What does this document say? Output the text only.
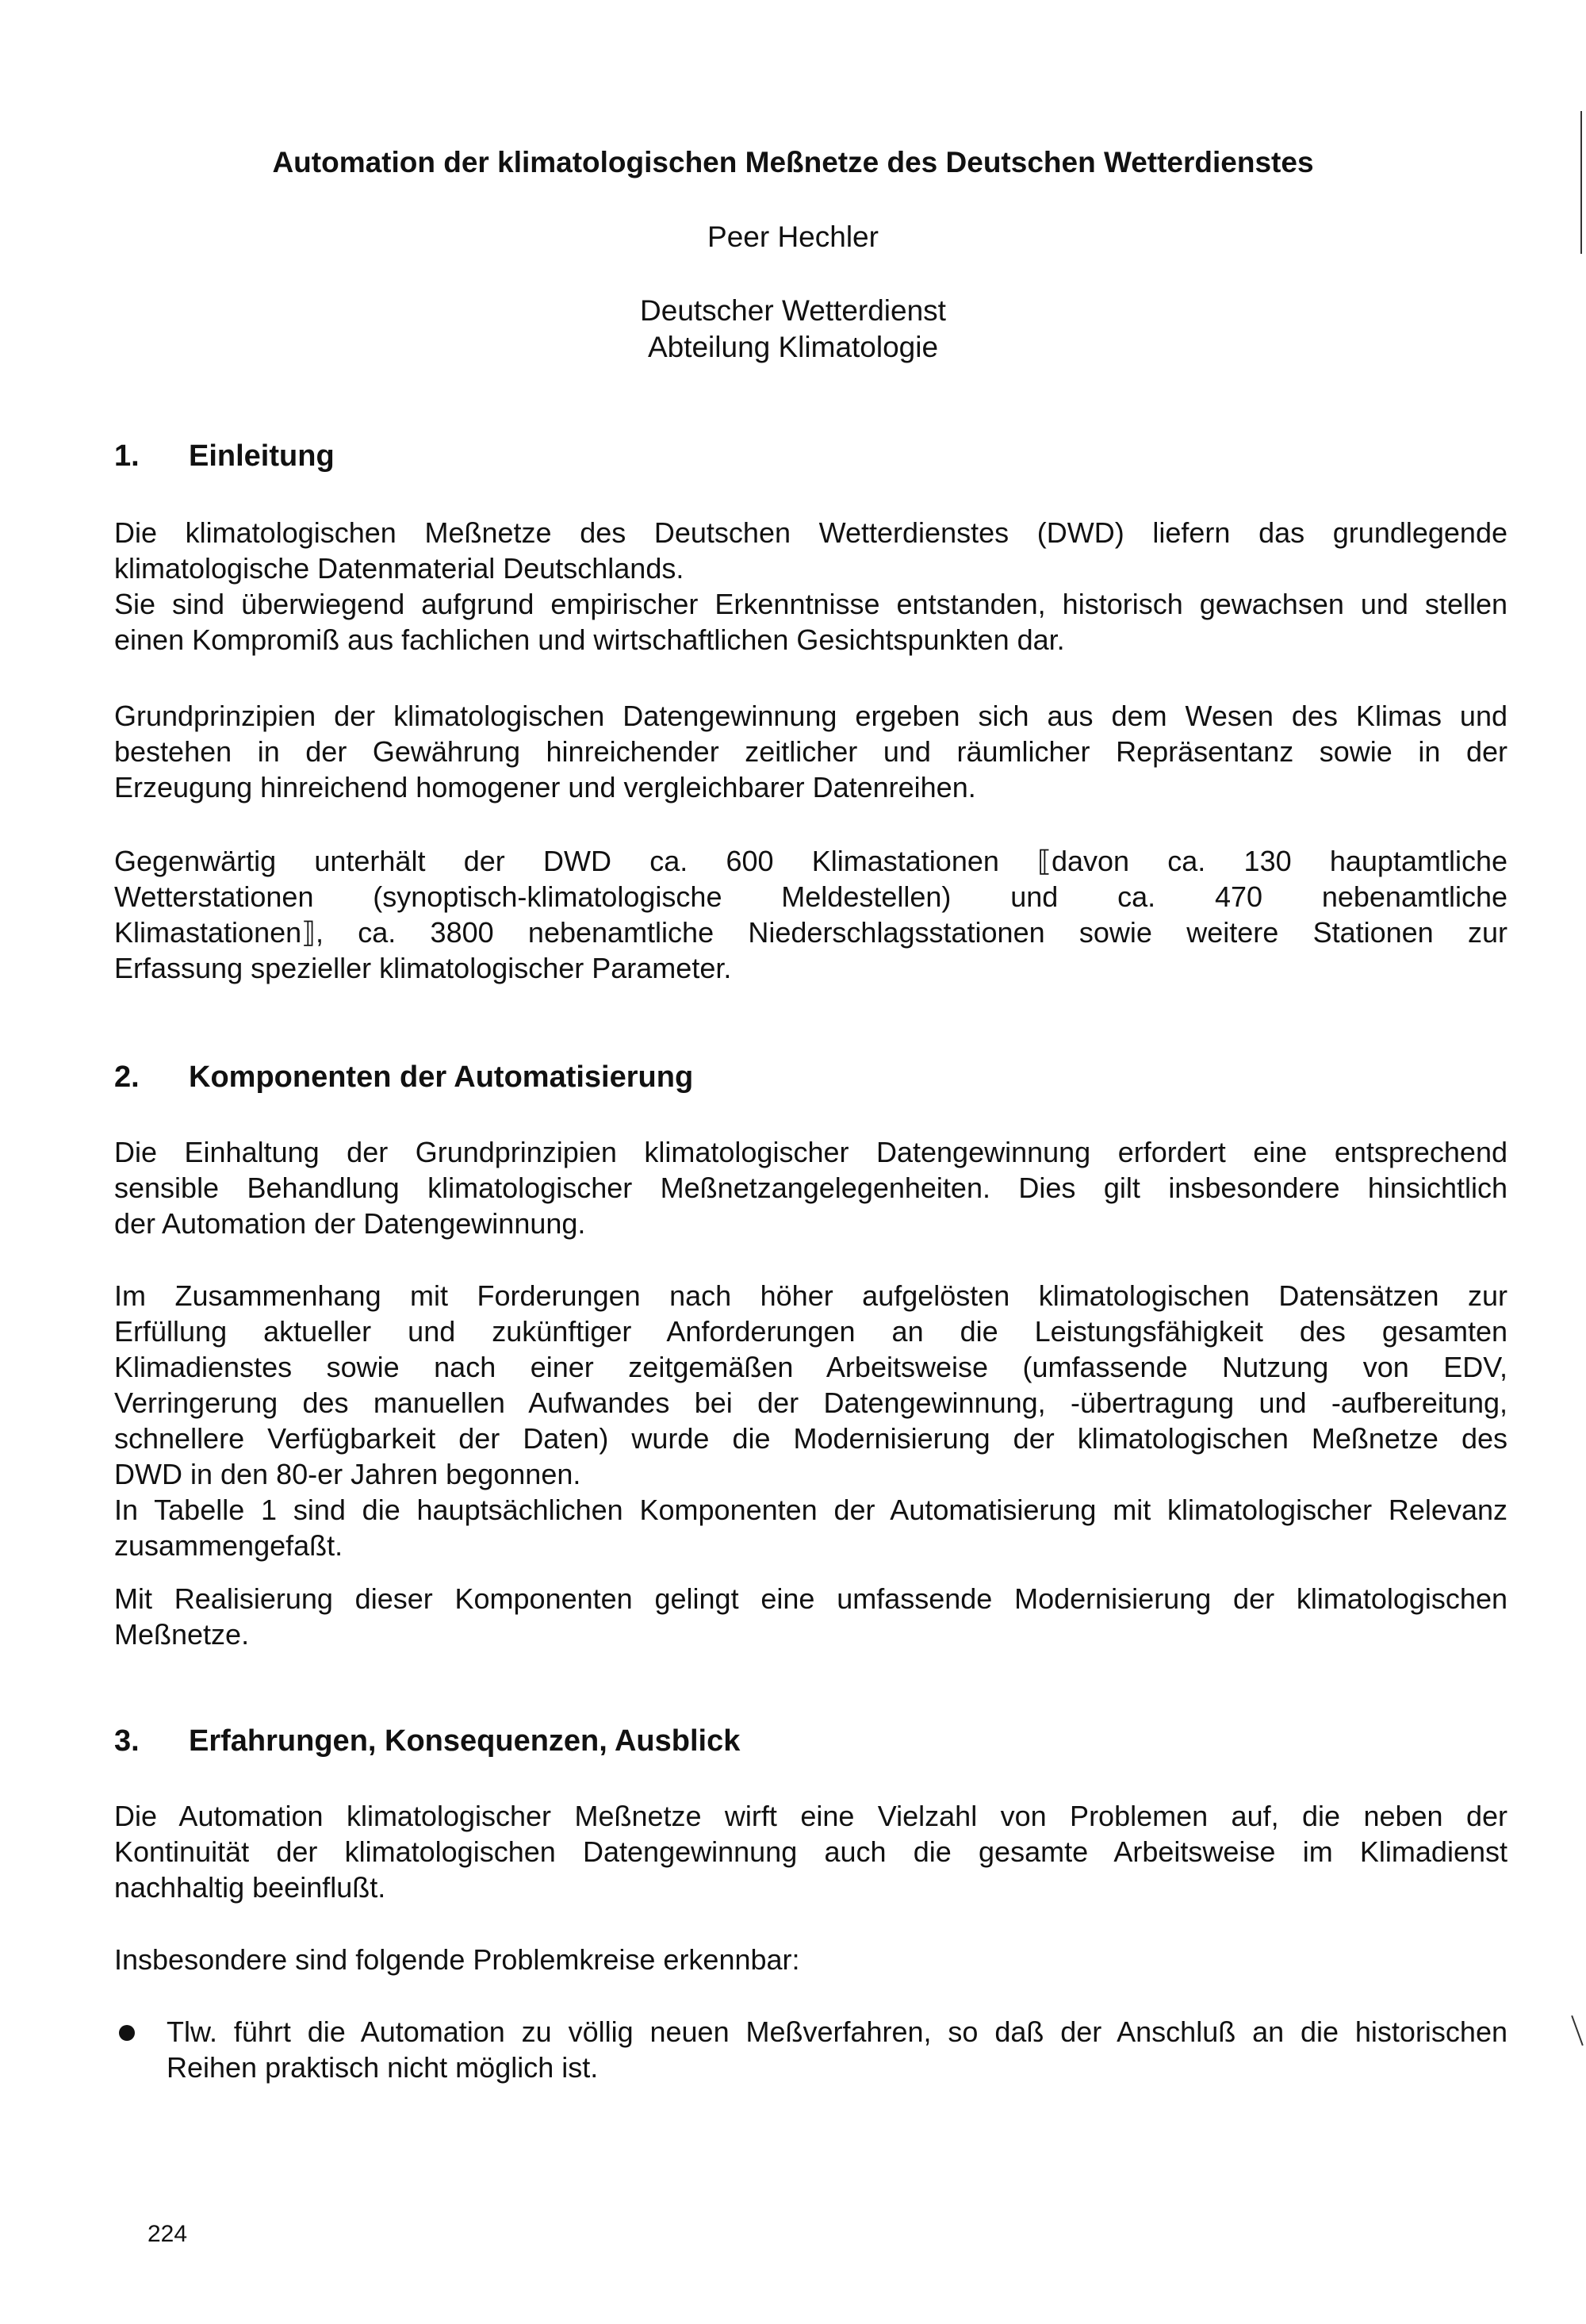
Automation der klimatologischen Meßnetze des Deutschen Wetterdienstes
Peer Hechler
Deutscher Wetterdienst
Abteilung Klimatologie
1. Einleitung
2. Komponenten der Automatisierung
3. Erfahrungen, Konsequenzen, Ausblick
Die klimatologischen Meßnetze des Deutschen Wetterdienstes (DWD) liefern das grundlegende
klimatologische Datenmaterial Deutschlands.
Sie sind überwiegend aufgrund empirischer Erkenntnisse entstanden, historisch gewachsen und stellen
einen Kompromiß aus fachlichen und wirtschaftlichen Gesichtspunkten dar.
Grundprinzipien der klimatologischen Datengewinnung ergeben sich aus dem Wesen des Klimas und
bestehen in der Gewährung hinreichender zeitlicher und räumlicher Repräsentanz sowie in der
Erzeugung hinreichend homogener und vergleichbarer Datenreihen.
Gegenwärtig unterhält der DWD ca. 600 Klimastationen ⟦davon ca. 130 hauptamtliche
Wetterstationen (synoptisch-klimatologische Meldestellen) und ca. 470 nebenamtliche
Klimastationen⟧, ca. 3800 nebenamtliche Niederschlagsstationen sowie weitere Stationen zur
Erfassung spezieller klimatologischer Parameter.
Die Einhaltung der Grundprinzipien klimatologischer Datengewinnung erfordert eine entsprechend
sensible Behandlung klimatologischer Meßnetzangelegenheiten. Dies gilt insbesondere hinsichtlich
der Automation der Datengewinnung.
Im Zusammenhang mit Forderungen nach höher aufgelösten klimatologischen Datensätzen zur
Erfüllung aktueller und zukünftiger Anforderungen an die Leistungsfähigkeit des gesamten
Klimadienstes sowie nach einer zeitgemäßen Arbeitsweise (umfassende Nutzung von EDV,
Verringerung des manuellen Aufwandes bei der Datengewinnung, -übertragung und -aufbereitung,
schnellere Verfügbarkeit der Daten) wurde die Modernisierung der klimatologischen Meßnetze des
DWD in den 80-er Jahren begonnen.
In Tabelle 1 sind die hauptsächlichen Komponenten der Automatisierung mit klimatologischer Relevanz
zusammengefaßt.
Mit Realisierung dieser Komponenten gelingt eine umfassende Modernisierung der klimatologischen
Meßnetze.
Die Automation klimatologischer Meßnetze wirft eine Vielzahl von Problemen auf, die neben der
Kontinuität der klimatologischen Datengewinnung auch die gesamte Arbeitsweise im Klimadienst
nachhaltig beeinflußt.
Insbesondere sind folgende Problemkreise erkennbar:
Tlw. führt die Automation zu völlig neuen Meßverfahren, so daß der Anschluß an die historischen
Reihen praktisch nicht möglich ist.
224
